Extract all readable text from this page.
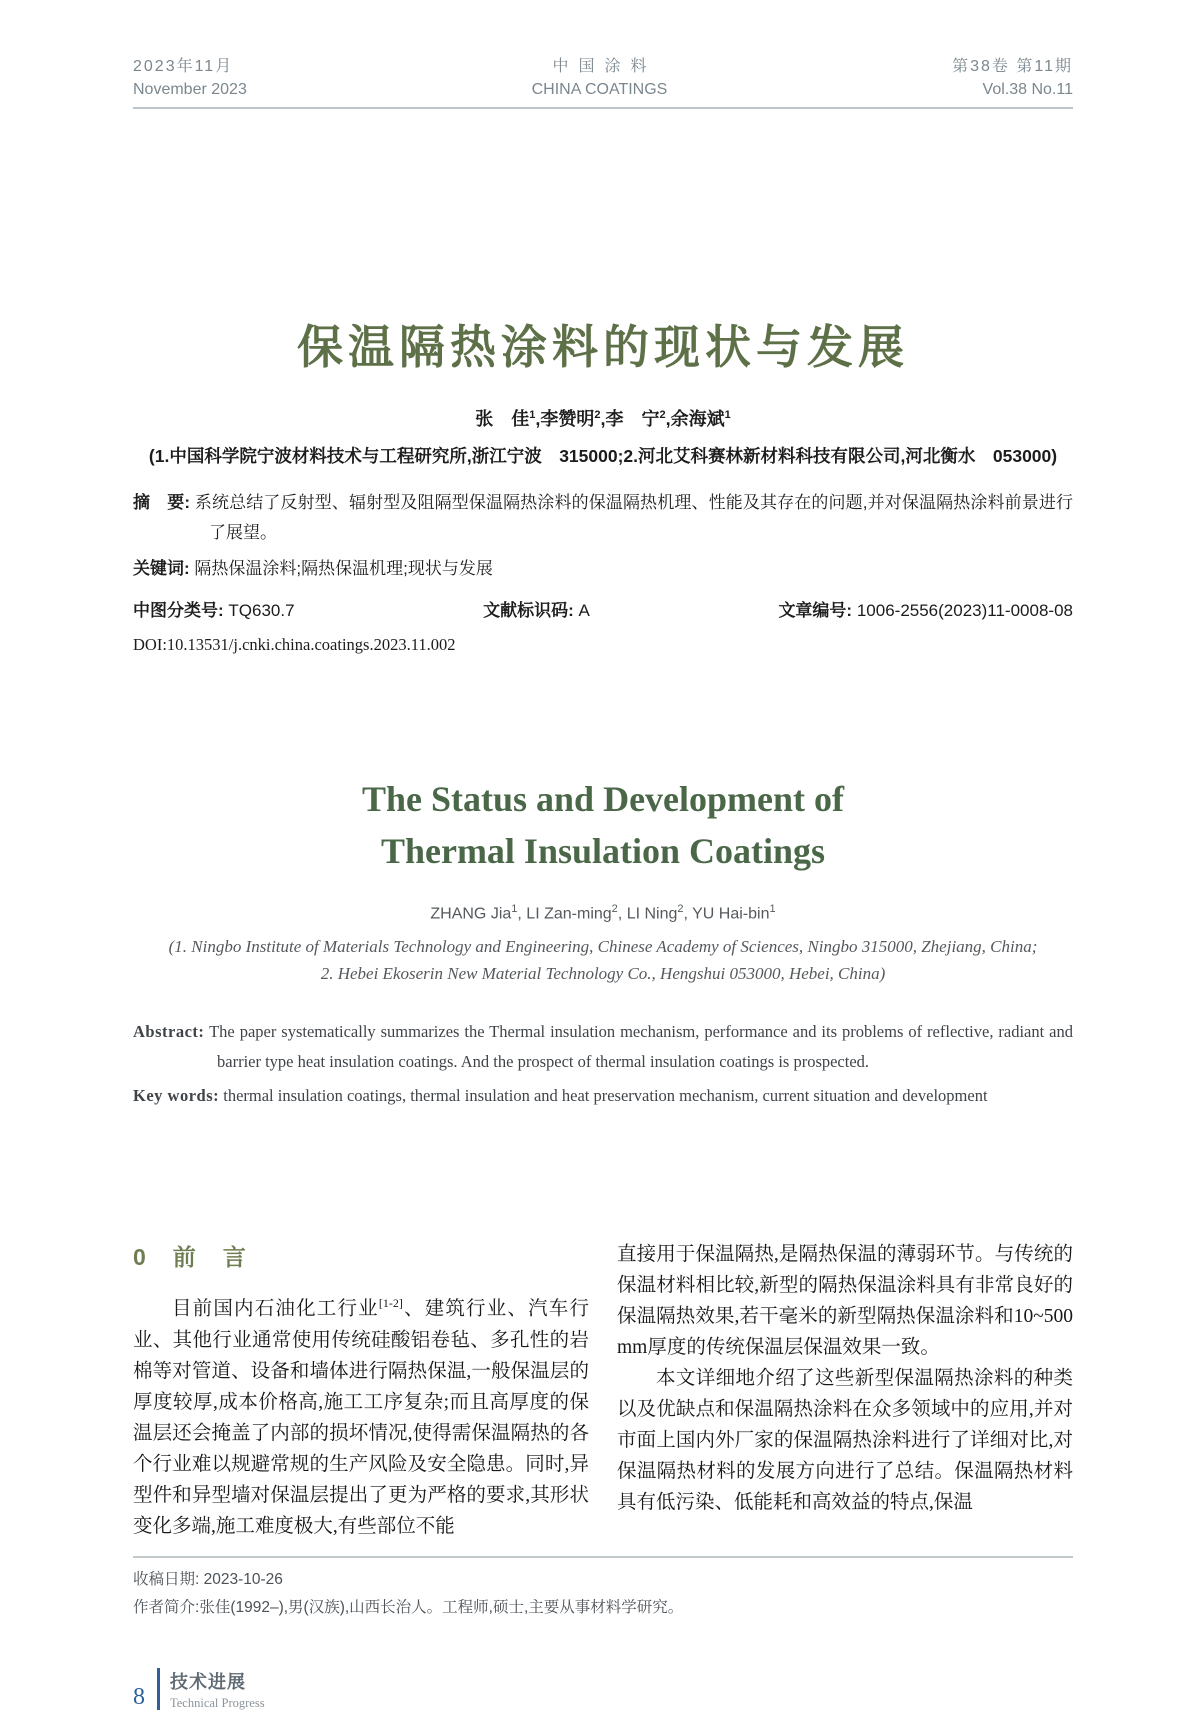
2023年11月
November 2023
中国涂料
CHINA COATINGS
第38卷 第11期
Vol.38 No.11
保温隔热涂料的现状与发展
张　佳$^1$,李赞明$^2$,李　宁$^2$,余海斌$^1$
(1.中国科学院宁波材料技术与工程研究所,浙江宁波　315000;2.河北艾科赛林新材料科技有限公司,河北衡水　053000)
摘　要: 系统总结了反射型、辐射型及阻隔型保温隔热涂料的保温隔热机理、性能及其存在的问题,并对保温隔热涂料前景进行了展望。
关键词: 隔热保温涂料;隔热保温机理;现状与发展
中图分类号: TQ630.7	文献标识码: A	文章编号: 1006-2556(2023)11-0008-08
DOI:10.13531/j.cnki.china.coatings.2023.11.002
The Status and Development of
Thermal Insulation Coatings
ZHANG Jia$^1$, LI Zan-ming$^2$, LI Ning$^2$, YU Hai-bin$^1$
(1. Ningbo Institute of Materials Technology and Engineering, Chinese Academy of Sciences, Ningbo 315000, Zhejiang, China;
2. Hebei Ekoserin New Material Technology Co., Hengshui 053000, Hebei, China)
Abstract: The paper systematically summarizes the Thermal insulation mechanism, performance and its problems of reflective, radiant and barrier type heat insulation coatings. And the prospect of thermal insulation coatings is prospected.
Key words: thermal insulation coatings, thermal insulation and heat preservation mechanism, current situation and development
0　前　言
目前国内石油化工行业[1-2]、建筑行业、汽车行业、其他行业通常使用传统硅酸铝卷毡、多孔性的岩棉等对管道、设备和墙体进行隔热保温,一般保温层的厚度较厚,成本价格高,施工工序复杂;而且高厚度的保温层还会掩盖了内部的损坏情况,使得需保温隔热的各个行业难以规避常规的生产风险及安全隐患。同时,异型件和异型墙对保温层提出了更为严格的要求,其形状变化多端,施工难度极大,有些部位不能
直接用于保温隔热,是隔热保温的薄弱环节。与传统的保温材料相比较,新型的隔热保温涂料具有非常良好的保温隔热效果,若干毫米的新型隔热保温涂料和10~500 mm厚度的传统保温层保温效果一致。
本文详细地介绍了这些新型保温隔热涂料的种类以及优缺点和保温隔热涂料在众多领域中的应用,并对市面上国内外厂家的保温隔热涂料进行了详细对比,对保温隔热材料的发展方向进行了总结。保温隔热材料具有低污染、低能耗和高效益的特点,保温
收稿日期: 2023-10-26
作者简介:张佳(1992–),男(汉族),山西长治人。工程师,硕士,主要从事材料学研究。
8
技术进展
Technical Progress
